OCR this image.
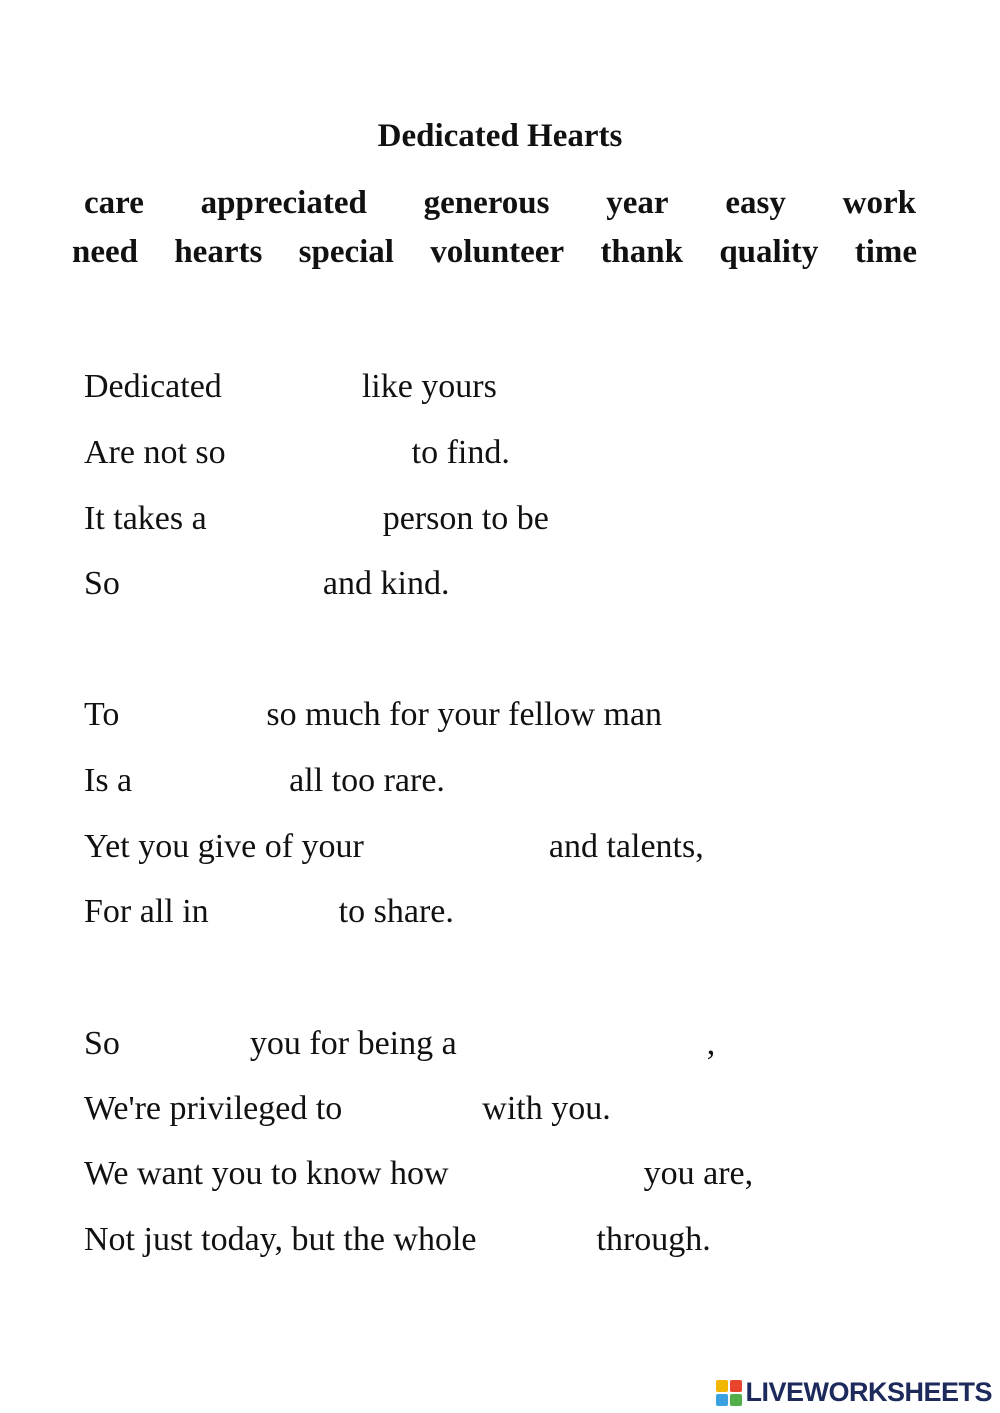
Dedicated Hearts
care appreciated generous year easy work
need hearts special volunteer thank quality time
Dedicated	like yours
Are not so	to find.
It takes a	person to be
So	and kind.
To	so much for your fellow man
Is a	all too rare.
Yet you give of your	and talents,
For all in	to share.
So	you for being a	,
We're privileged to	with you.
We want you to know how	you are,
Not just today, but the whole	through.
LIVEWORKSHEETS
